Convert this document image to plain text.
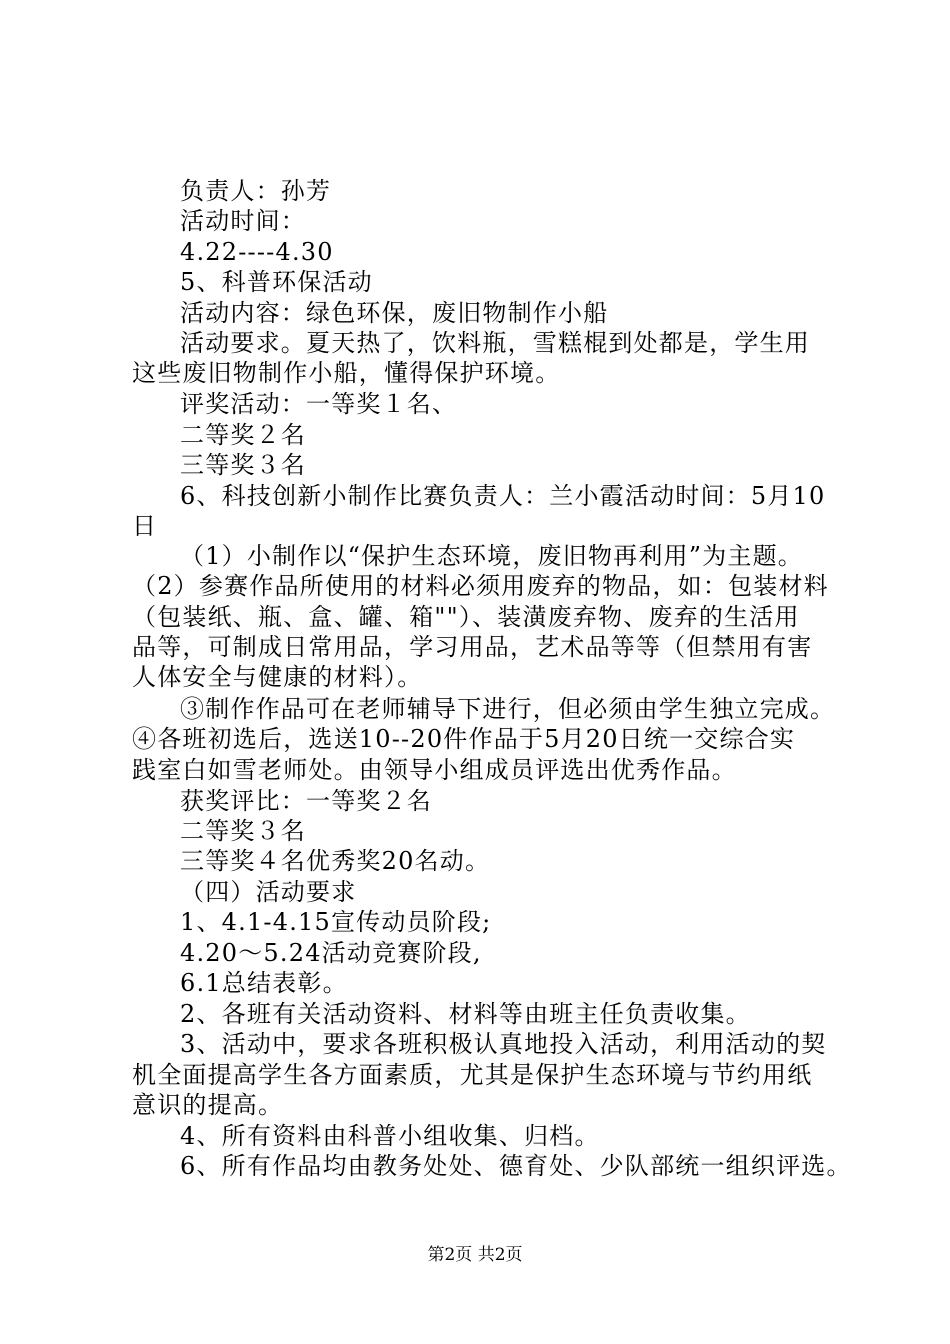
负责人：孙芳
活动时间：
4.22----4.30
5、科普环保活动
活动内容：绿色环保，废旧物制作小船
活动要求。夏天热了，饮料瓶，雪糕棍到处都是，学生用
这些废旧物制作小船，懂得保护环境。
评奖活动：一等奖１名、
二等奖２名
三等奖３名
6、科技创新小制作比赛负责人：兰小霞活动时间：5月10
日
（1）小制作以“保护生态环境，废旧物再利用”为主题。
（2）参赛作品所使用的材料必须用废弃的物品，如：包装材料
（包装纸、瓶、盒、罐、箱""）、装潢废弃物、废弃的生活用
品等，可制成日常用品，学习用品，艺术品等等（但禁用有害
人体安全与健康的材料）。
③制作作品可在老师辅导下进行，但必须由学生独立完成。
④各班初选后，选送10--20件作品于5月20日统一交综合实
践室白如雪老师处。由领导小组成员评选出优秀作品。
获奖评比：一等奖２名
二等奖３名
三等奖４名优秀奖20名动。
（四）活动要求
1、4.1-4.15宣传动员阶段;
4.20～5.24活动竞赛阶段,
6.1总结表彰。
2、各班有关活动资料、材料等由班主任负责收集。
3、活动中，要求各班积极认真地投入活动，利用活动的契
机全面提高学生各方面素质，尤其是保护生态环境与节约用纸
意识的提高。
4、所有资料由科普小组收集、归档。
6、所有作品均由教务处处、德育处、少队部统一组织评选。
第2页 共2页
